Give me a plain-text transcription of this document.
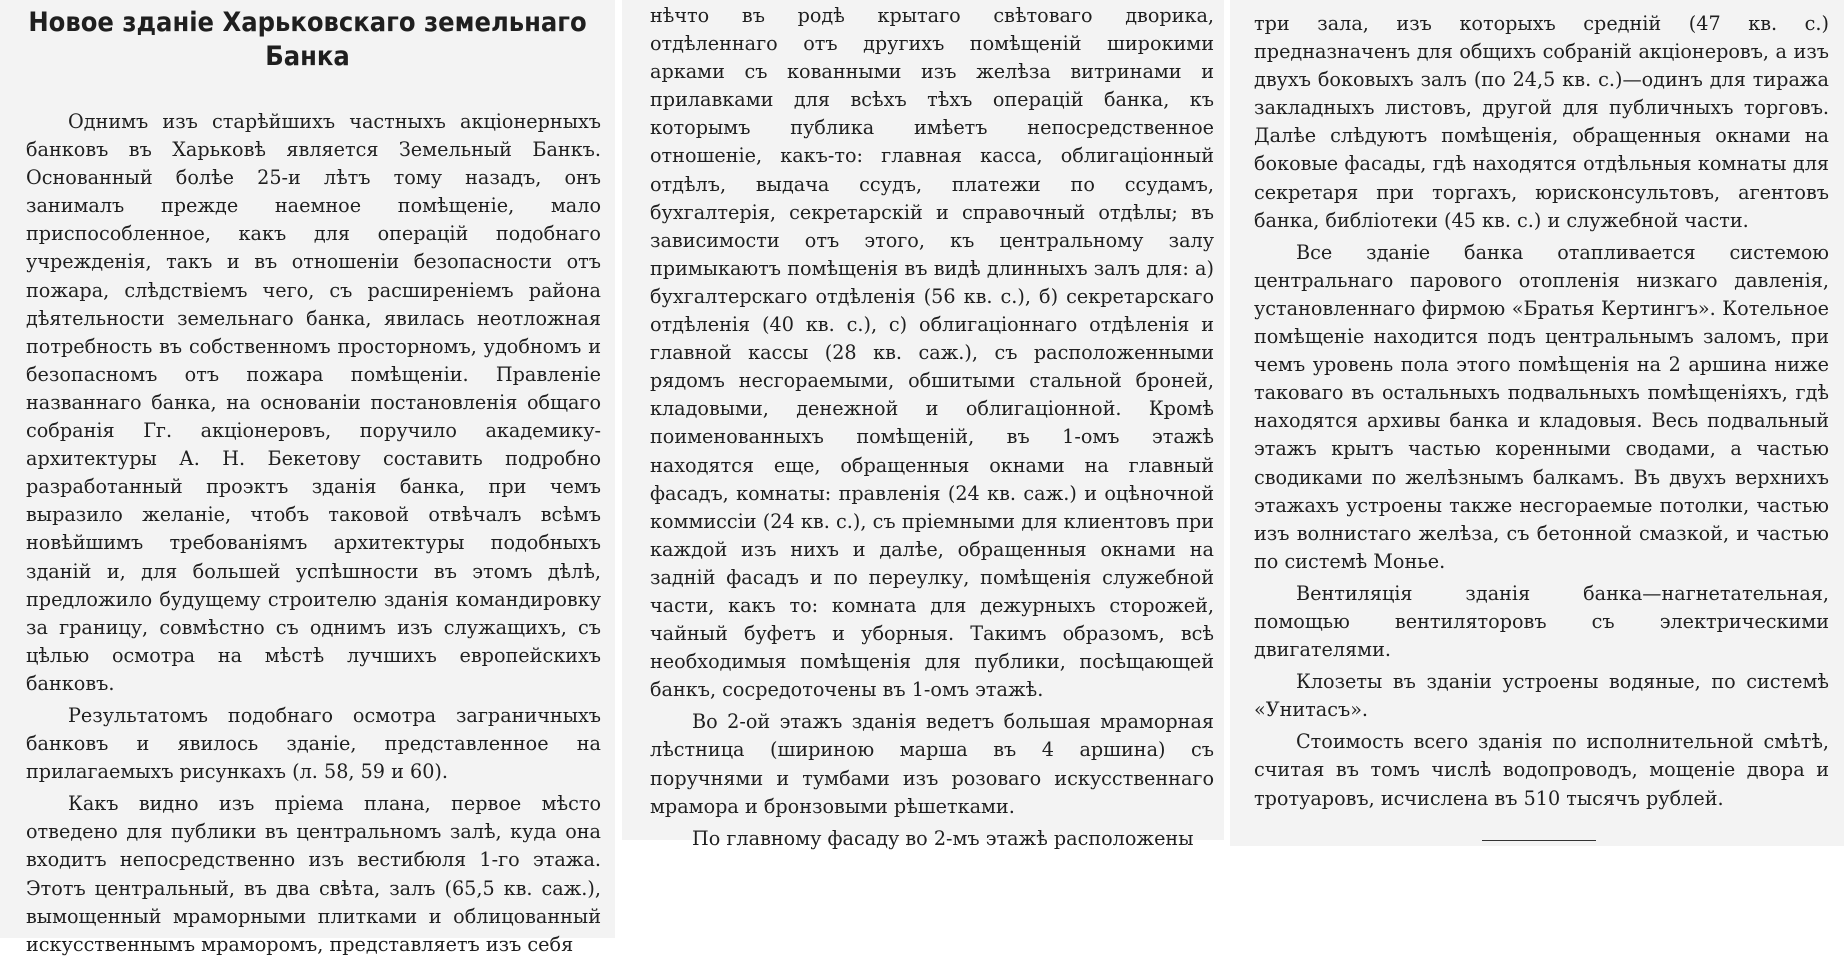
Новое зданіе Харьковскаго земельнаго
Банка

Однимъ изъ старѣйшихъ частныхъ акціонерныхъ банковъ въ Харьковѣ является Земельный Банкъ. Основанный болѣе 25-и лѣтъ тому назадъ, онъ занималъ прежде наемное помѣщеніе, мало приспособленное, какъ для операцій подобнаго учрежденія, такъ и въ отношеніи безопасности отъ пожара, слѣдствіемъ чего, съ расширеніемъ района дѣятельности земельнаго банка, явилась неотложная потребность въ собственномъ просторномъ, удобномъ и безопасномъ отъ пожара помѣщеніи. Правленіе названнаго банка, на основаніи постановленія общаго собранія Гг. акціонеровъ, поручило академику-архитектуры А. Н. Бекетову составить подробно разработанный проэктъ зданія банка, при чемъ выразило желаніе, чтобъ таковой отвѣчалъ всѣмъ новѣйшимъ требованіямъ архитектуры подобныхъ зданій и, для большей успѣшности въ этомъ дѣлѣ, предложило будущему строителю зданія командировку за границу, совмѣстно съ однимъ изъ служащихъ, съ цѣлью осмотра на мѣстѣ лучшихъ европейскихъ банковъ.

Результатомъ подобнаго осмотра заграничныхъ банковъ и явилось зданіе, представленное на прилагаемыхъ рисункахъ (л. 58, 59 и 60).

Какъ видно изъ пріема плана, первое мѣсто отведено для публики въ центральномъ залѣ, куда она входитъ непосредственно изъ вестибюля 1-го этажа. Этотъ центральный, въ два свѣта, залъ (65,5 кв. саж.), вымощенный мраморными плитками и облицованный искусственнымъ мраморомъ, представляетъ изъ себя

нѣчто въ родѣ крытаго свѣтоваго дворика, отдѣленнаго отъ другихъ помѣщеній широкими арками съ кованными изъ желѣза витринами и прилавками для всѣхъ тѣхъ операцій банка, къ которымъ публика имѣетъ непосредственное отношеніе, какъ-то: главная касса, облигаціонный отдѣлъ, выдача ссудъ, платежи по ссудамъ, бухгалтерія, секретарскій и справочный отдѣлы; въ зависимости отъ этого, къ центральному залу примыкаютъ помѣщенія въ видѣ длинныхъ залъ для: а) бухгалтерскаго отдѣленія (56 кв. с.), б) секретарскаго отдѣленія (40 кв. с.), с) облигаціоннаго отдѣленія и главной кассы (28 кв. саж.), съ расположенными рядомъ несгораемыми, обшитыми стальной броней, кладовыми, денежной и облигаціонной. Кромѣ поименованныхъ помѣщеній, въ 1-омъ этажѣ находятся еще, обращенныя окнами на главный фасадъ, комнаты: правленія (24 кв. саж.) и оцѣночной коммиссіи (24 кв. с.), съ пріемными для клиентовъ при каждой изъ нихъ и далѣе, обращенныя окнами на задній фасадъ и по переулку, помѣщенія служебной части, какъ то: комната для дежурныхъ сторожей, чайный буфетъ и уборныя. Такимъ образомъ, всѣ необходимыя помѣщенія для публики, посѣщающей банкъ, сосредоточены въ 1-омъ этажѣ.

Во 2-ой этажъ зданія ведетъ большая мраморная лѣстница (шириною марша въ 4 аршина) съ поручнями и тумбами изъ розоваго искусственнаго мрамора и бронзовыми рѣшетками.

По главному фасаду во 2-мъ этажѣ расположены

три зала, изъ которыхъ средній (47 кв. с.) предназначенъ для общихъ собраній акціонеровъ, а изъ двухъ боковыхъ залъ (по 24,5 кв. с.)—одинъ для тиража закладныхъ листовъ, другой для публичныхъ торговъ. Далѣе слѣдуютъ помѣщенія, обращенныя окнами на боковые фасады, гдѣ находятся отдѣльныя комнаты для секретаря при торгахъ, юрисконсультовъ, агентовъ банка, библіотеки (45 кв. с.) и служебной части.

Все зданіе банка отапливается системою центральнаго паровoго отопленія низкаго давленія, установленнаго фирмою «Братья Кертингъ». Котельное помѣщеніе находится подъ центральнымъ заломъ, при чемъ уровень пола этого помѣщенія на 2 аршина ниже таковаго въ остальныхъ подвальныхъ помѣщеніяхъ, гдѣ находятся архивы банка и кладовыя. Весь подвальный этажъ крытъ частью коренными сводами, а частью сводиками по желѣзнымъ балкамъ. Въ двухъ верхнихъ этажахъ устроены также несгораемые потолки, частью изъ волнистаго желѣза, съ бетонной смазкой, и частью по системѣ Монье.

Вентиляція зданія банка—нагнетательная, помощью вентиляторовъ съ электрическими двигателями.

Клозеты въ зданіи устроены водяные, по системѣ «Унитасъ».

Стоимость всего зданія по исполнительной смѣтѣ, считая въ томъ числѣ водопроводъ, мощеніе двора и тротуаровъ, исчислена въ 510 тысячъ рублей.
